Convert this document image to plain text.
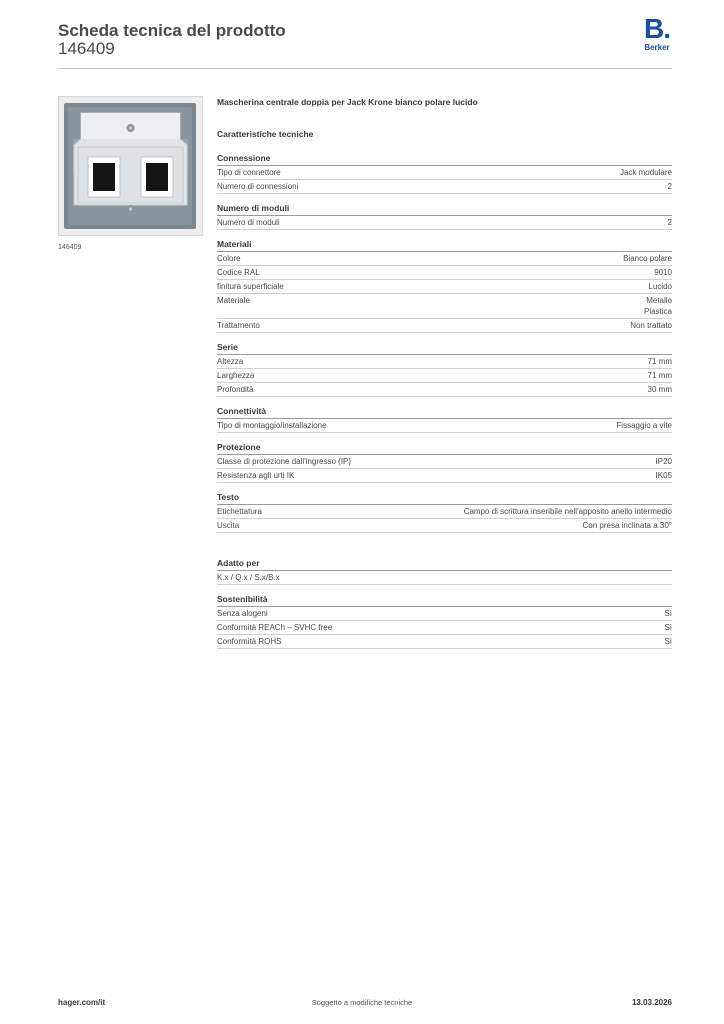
Scheda tecnica del prodotto
146409
B.
Berker
146409
Mascherina centrale doppia per Jack Krone bianco polare lucido
Caratteristiche tecniche
Connessione
Tipo di connettore	Jack modulare
Numero di connessioni	2
Numero di moduli
Numero di moduli	2
Materiali
Colore	Bianco polare
Codice RAL	9010
finitura superficiale	Lucido
Materiale	Metallo
Plastica
Trattamento	Non trattato
Serie
Altezza	71 mm
Larghezza	71 mm
Profondità	30 mm
Connettività
Tipo di montaggio/installazione	Fissaggio a vite
Protezione
Classe di protezione dall'ingresso (IP)	IP20
Resistenza agli urti IK	IK05
Testo
Etichettatura	Campo di scrittura inseribile nell'apposito anello intermedio
Uscita	Con presa inclinata a 30°
Adatto per
K.x / Q.x / S.x/B.x
Sostenibilità
Senza alogeni	Sì
Conformità REACh – SVHC free	Sì
Conformità ROHS	Sì
hager.com/it	Soggetto a modifiche tecniche	13.03.2026
